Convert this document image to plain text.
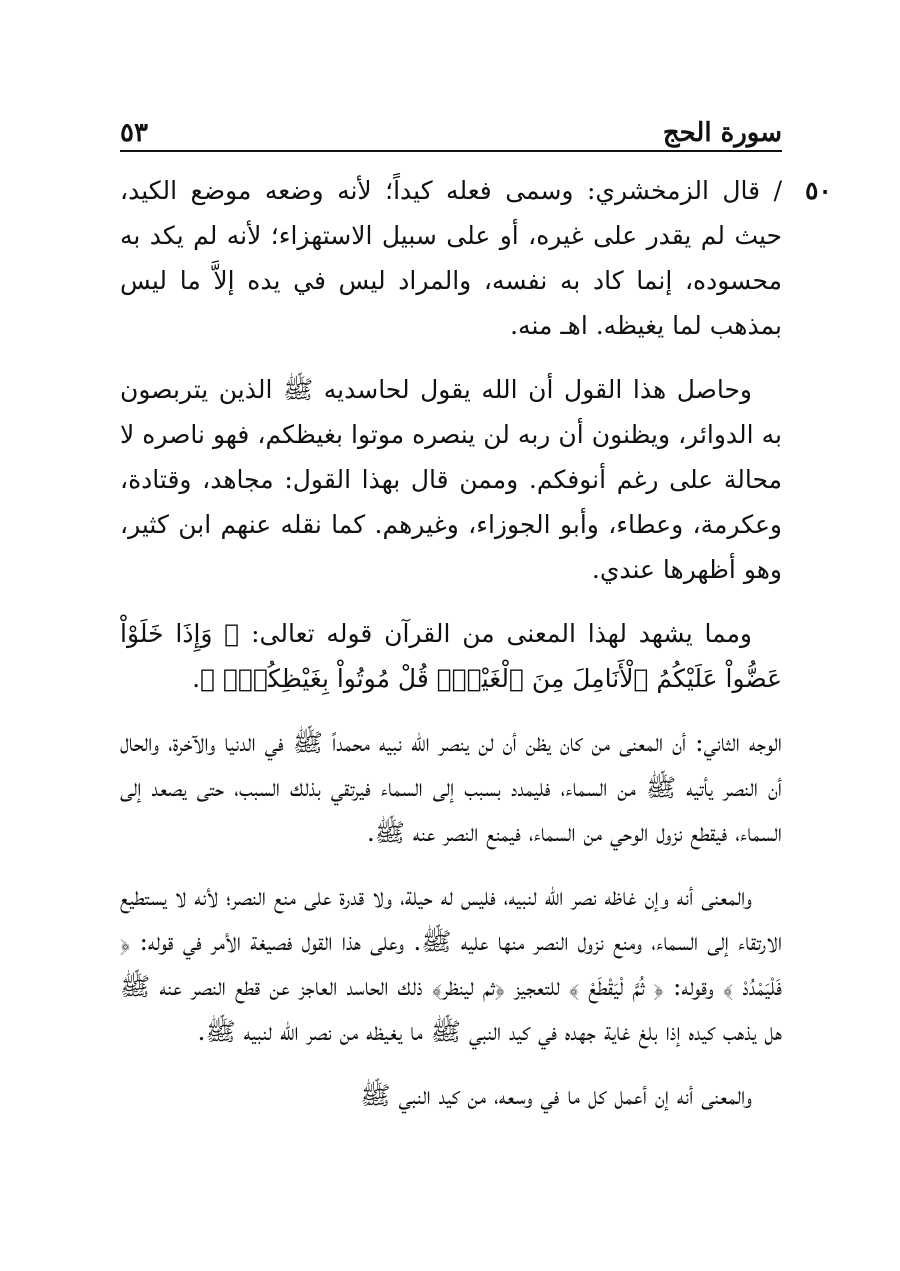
سورة الحج
٥٣
٥٠

/ قال الزمخشري: وسمى فعله كيداً؛ لأنه وضعه موضع الكيد، حيث لم يقدر على غيره، أو على سبيل الاستهزاء؛ لأنه لم يكد به محسوده، إنما كاد به نفسه، والمراد ليس في يده إلاَّ ما ليس بمذهب لما يغيظه. اهـ منه.

وحاصل هذا القول أن الله يقول لحاسديه ﷺ الذين يتربصون به الدوائر، ويظنون أن ربه لن ينصره موتوا بغيظكم، فهو ناصره لا محالة على رغم أنوفكم. وممن قال بهذا القول: مجاهد، وقتادة، وعكرمة، وعطاء، وأبو الجوزاء، وغيرهم. كما نقله عنهم ابن كثير، وهو أظهرها عندي.

ومما يشهد لهذا المعنى من القرآن قوله تعالى: ﴿ وَإِذَا خَلَوْاْ عَضُّواْ عَلَيْكُمُ ٱلْأَنَامِلَ مِنَ ٱلْغَيْظِۚ قُلْ مُوتُواْ بِغَيْظِكُمْۗ ﴾.

الوجه الثاني: أن المعنى من كان يظن أن لن ينصر الله نبيه محمداً ﷺ في الدنيا والآخرة، والحال أن النصر يأتيه ﷺ من السماء، فليمدد بسبب إلى السماء فيرتقي بذلك السبب، حتى يصعد إلى السماء، فيقطع نزول الوحي من السماء، فيمنع النصر عنه ﷺ.

والمعنى أنه وإن غاظه نصر الله لنبيه، فليس له حيلة، ولا قدرة على منع النصر؛ لأنه لا يستطيع الارتقاء إلى السماء، ومنع نزول النصر منها عليه ﷺ. وعلى هذا القول فصيغة الأمر في قوله: ﴿ فَلْيَمْدُدْ ﴾ وقوله: ﴿ ثُمَّ لْيَقْطَعْ ﴾ للتعجيز ﴿ثم لينظر﴾ ذلك الحاسد العاجز عن قطع النصر عنه ﷺ هل يذهب كيده إذا بلغ غاية جهده في كيد النبي ﷺ ما يغيظه من نصر الله لنبيه ﷺ.

والمعنى أنه إن أعمل كل ما في وسعه، من كيد النبي ﷺ
